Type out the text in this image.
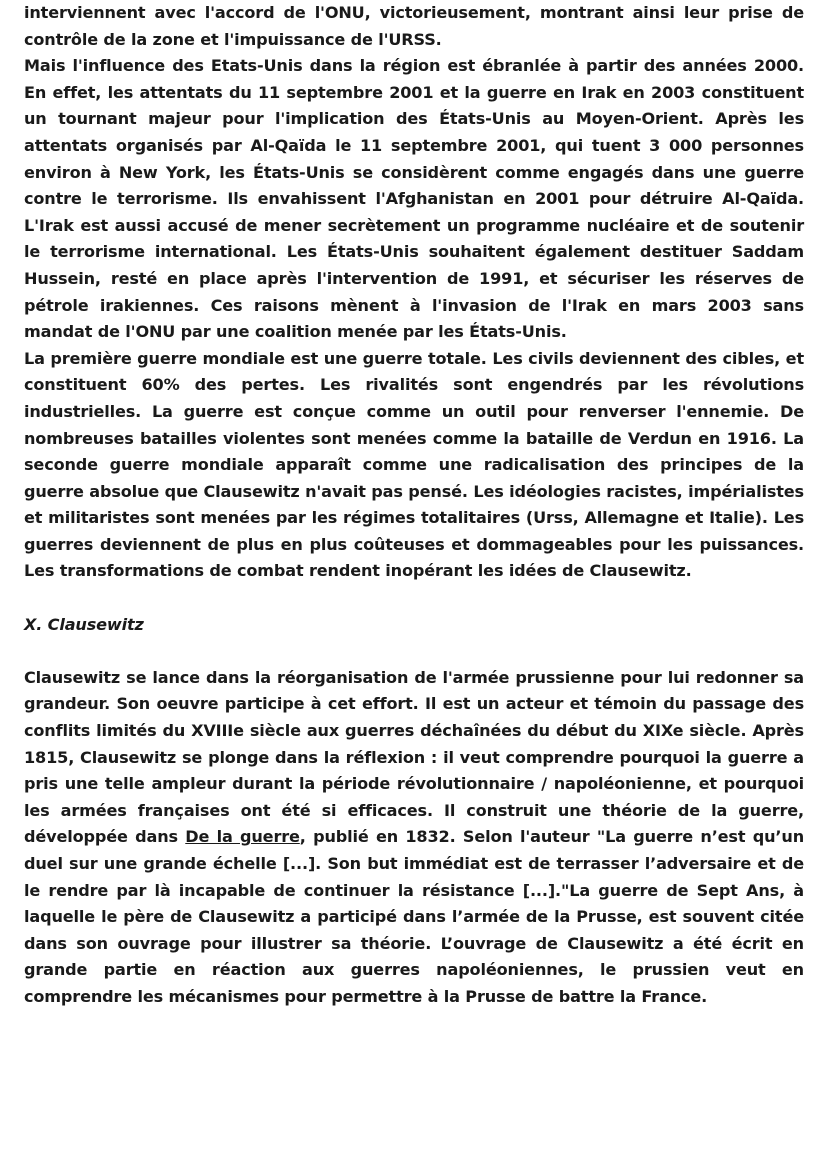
interviennent avec l'accord de l'ONU, victorieusement, montrant ainsi leur prise de contrôle de la zone et l'impuissance de l'URSS.

Mais l'influence des Etats-Unis dans la région est ébranlée à partir des années 2000. En effet, les attentats du 11 septembre 2001 et la guerre en Irak en 2003 constituent un tournant majeur pour l'implication des États-Unis au Moyen-Orient. Après les attentats organisés par Al-Qaïda le 11 septembre 2001, qui tuent 3 000 personnes environ à New York, les États-Unis se considèrent comme engagés dans une guerre contre le terrorisme. Ils envahissent l'Afghanistan en 2001 pour détruire Al-Qaïda. L'Irak est aussi accusé de mener secrètement un programme nucléaire et de soutenir le terrorisme international. Les États-Unis souhaitent également destituer Saddam Hussein, resté en place après l'intervention de 1991, et sécuriser les réserves de pétrole irakiennes. Ces raisons mènent à l'invasion de l'Irak en mars 2003 sans mandat de l'ONU par une coalition menée par les États-Unis.

La première guerre mondiale est une guerre totale. Les civils deviennent des cibles, et constituent 60% des pertes. Les rivalités sont engendrés par les révolutions industrielles. La guerre est conçue comme un outil pour renverser l'ennemie. De nombreuses batailles violentes sont menées comme la bataille de Verdun en 1916. La seconde guerre mondiale apparaît comme une radicalisation des principes de la guerre absolue que Clausewitz n'avait pas pensé. Les idéologies racistes, impérialistes et militaristes sont menées par les régimes totalitaires (Urss, Allemagne et Italie). Les guerres deviennent de plus en plus coûteuses et dommageables pour les puissances. Les transformations de combat rendent inopérant les idées de Clausewitz.

X. Clausewitz

Clausewitz se lance dans la réorganisation de l'armée prussienne pour lui redonner sa grandeur. Son oeuvre participe à cet effort. Il est un acteur et témoin du passage des conflits limités du XVIIIe siècle aux guerres déchaînées du début du XIXe siècle. Après 1815, Clausewitz se plonge dans la réflexion : il veut comprendre pourquoi la guerre a pris une telle ampleur durant la période révolutionnaire / napoléonienne, et pourquoi les armées françaises ont été si efficaces. Il construit une théorie de la guerre, développée dans De la guerre, publié en 1832. Selon l'auteur "La guerre n’est qu’un duel sur une grande échelle [...]. Son but immédiat est de terrasser l’adversaire et de le rendre par là incapable de continuer la résistance [...]."La guerre de Sept Ans, à laquelle le père de Clausewitz a participé dans l’armée de la Prusse, est souvent citée dans son ouvrage pour illustrer sa théorie. L’ouvrage de Clausewitz a été écrit en grande partie en réaction aux guerres napoléoniennes, le prussien veut en comprendre les mécanismes pour permettre à la Prusse de battre la France.
